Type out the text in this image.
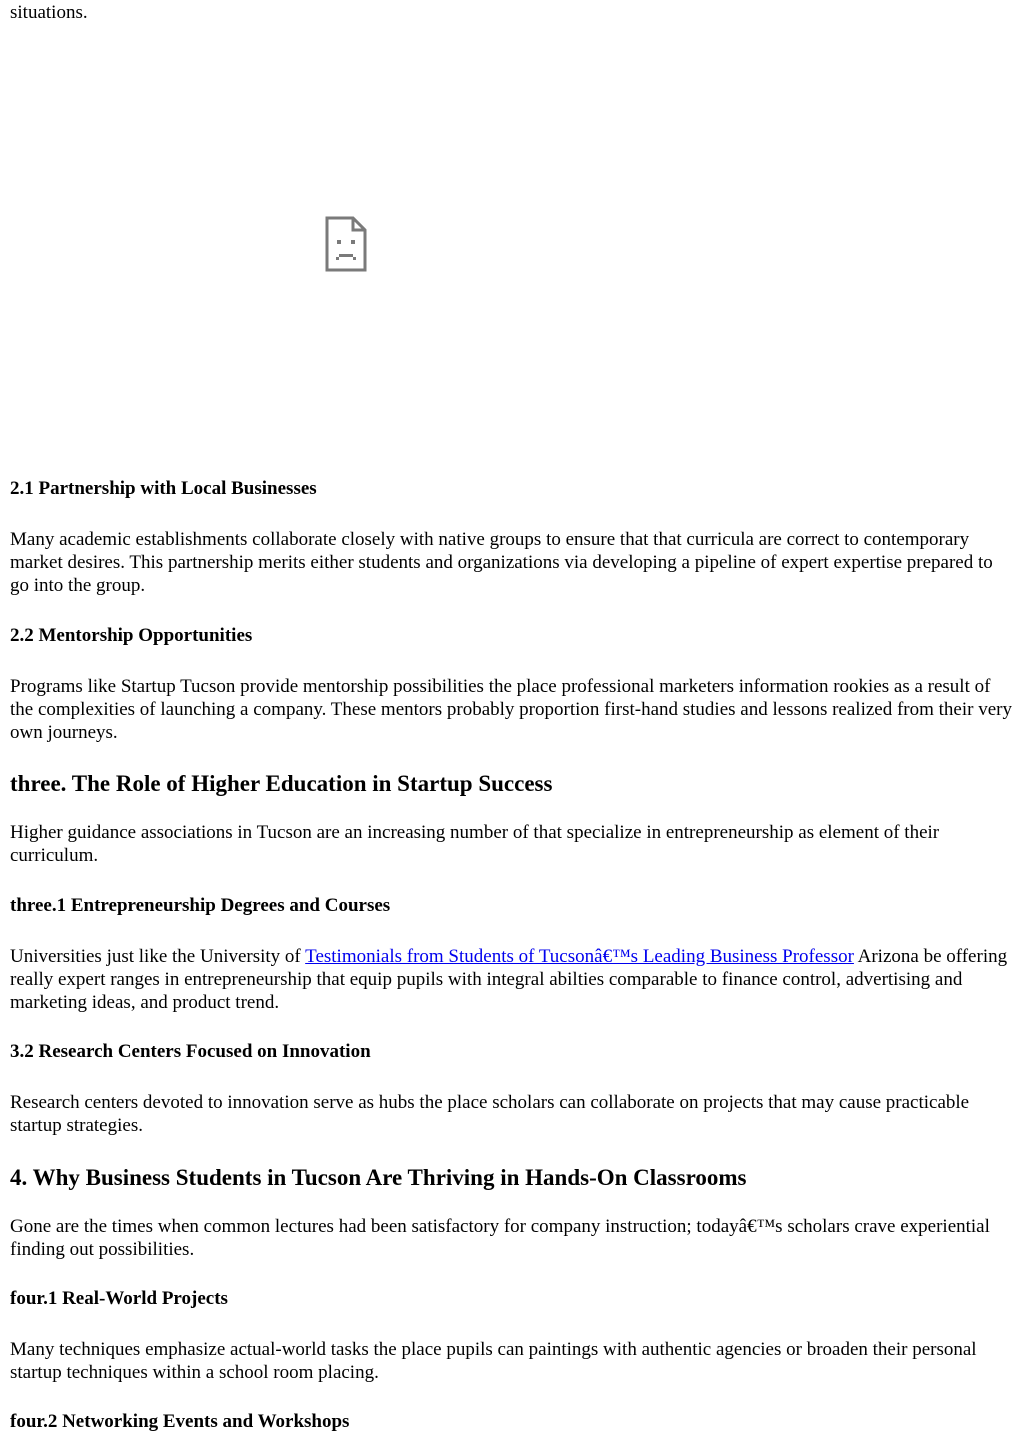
situations.

2.1 Partnership with Local Businesses

Many academic establishments collaborate closely with native groups to ensure that that curricula are correct to contemporary market desires. This partnership merits either students and organizations via developing a pipeline of expert expertise prepared to go into the group.

2.2 Mentorship Opportunities

Programs like Startup Tucson provide mentorship possibilities the place professional marketers information rookies as a result of the complexities of launching a company. These mentors probably proportion first-hand studies and lessons realized from their very own journeys.

three. The Role of Higher Education in Startup Success

Higher guidance associations in Tucson are an increasing number of that specialize in entrepreneurship as element of their curriculum.

three.1 Entrepreneurship Degrees and Courses

Universities just like the University of Testimonials from Students of Tucsonâ€™s Leading Business Professor Arizona be offering really expert ranges in entrepreneurship that equip pupils with integral abilties comparable to finance control, advertising and marketing ideas, and product trend.

3.2 Research Centers Focused on Innovation

Research centers devoted to innovation serve as hubs the place scholars can collaborate on projects that may cause practicable startup strategies.

4. Why Business Students in Tucson Are Thriving in Hands-On Classrooms

Gone are the times when common lectures had been satisfactory for company instruction; todayâ€™s scholars crave experiential finding out possibilities.

four.1 Real-World Projects

Many techniques emphasize actual-world tasks the place pupils can paintings with authentic agencies or broaden their personal startup techniques within a school room placing.

four.2 Networking Events and Workshops
